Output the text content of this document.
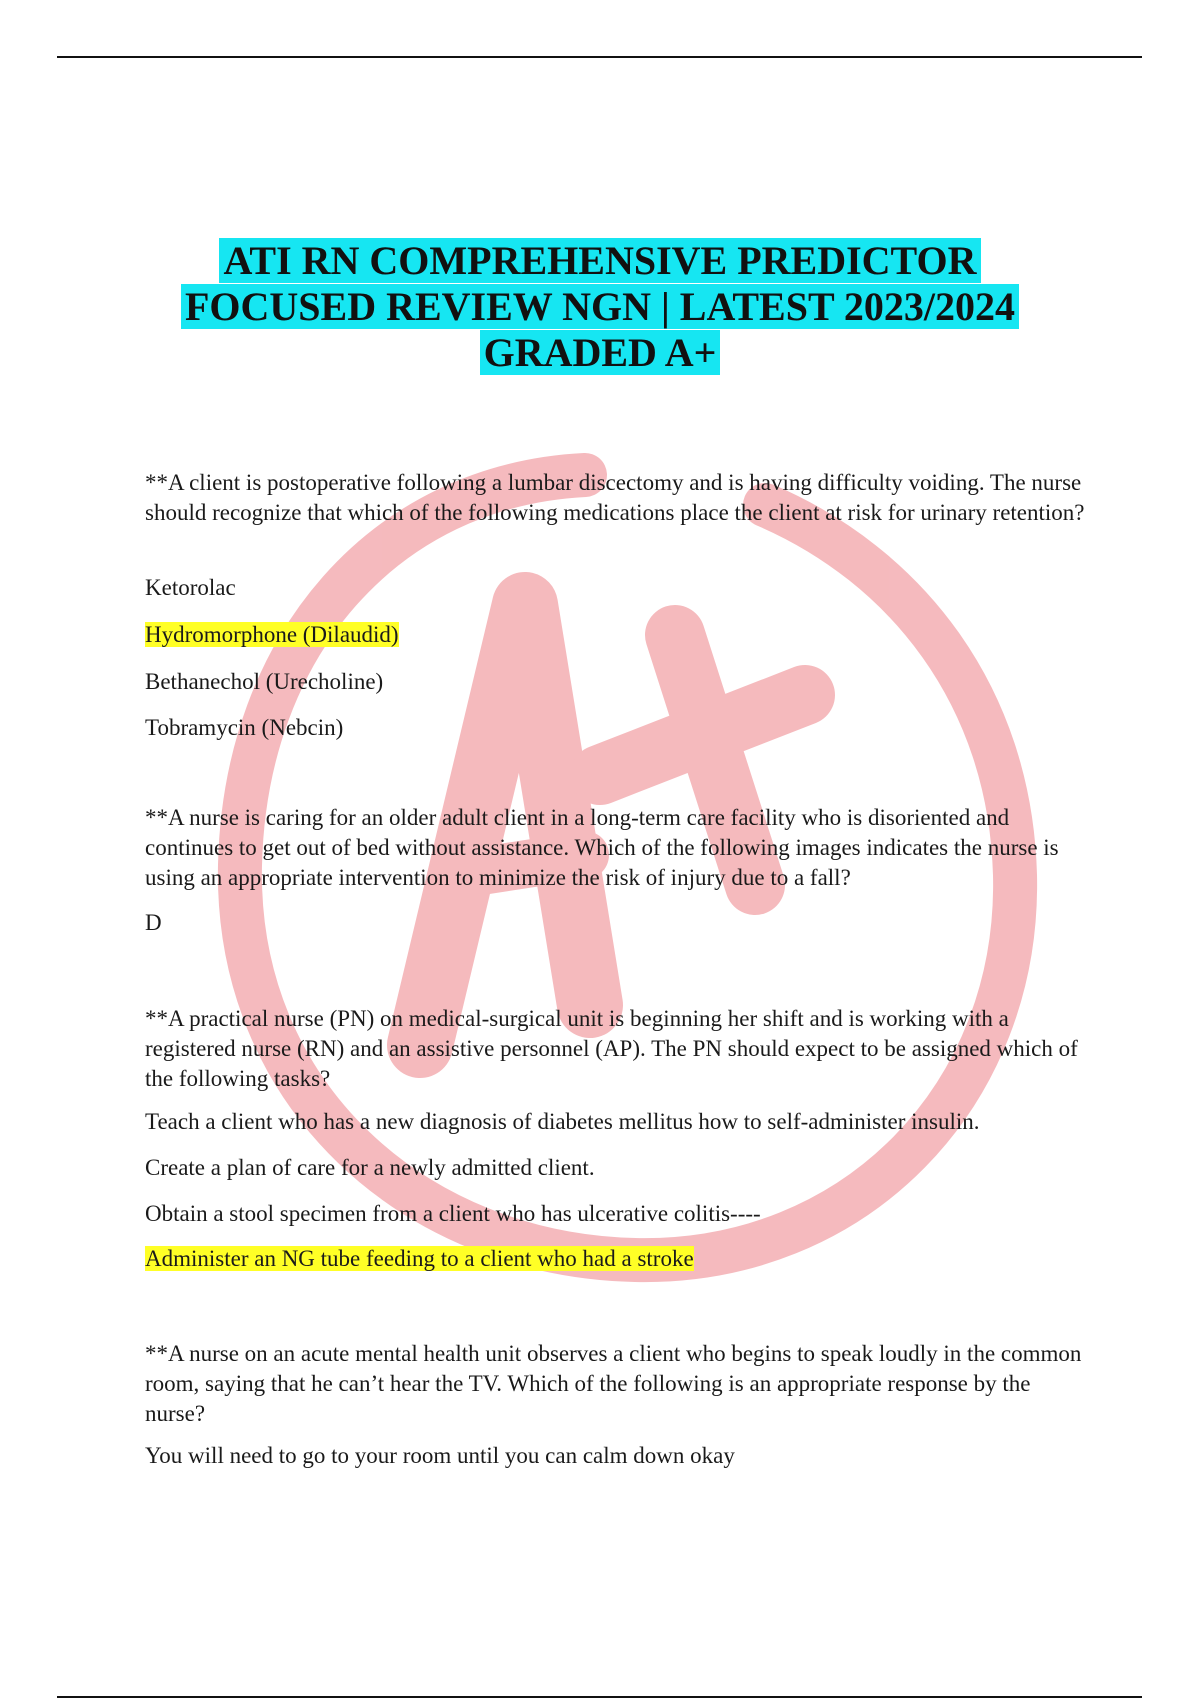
ATI RN COMPREHENSIVE PREDICTOR
FOCUSED REVIEW NGN | LATEST 2023/2024
GRADED A+

**A client is postoperative following a lumbar discectomy and is having difficulty voiding. The nurse should recognize that which of the following medications place the client at risk for urinary retention?

Ketorolac

Hydromorphone (Dilaudid)

Bethanechol (Urecholine)

Tobramycin (Nebcin)

**A nurse is caring for an older adult client in a long-term care facility who is disoriented and continues to get out of bed without assistance. Which of the following images indicates the nurse is using an appropriate intervention to minimize the risk of injury due to a fall?

D

**A practical nurse (PN) on medical-surgical unit is beginning her shift and is working with a registered nurse (RN) and an assistive personnel (AP). The PN should expect to be assigned which of the following tasks?

Teach a client who has a new diagnosis of diabetes mellitus how to self-administer insulin.

Create a plan of care for a newly admitted client.

Obtain a stool specimen from a client who has ulcerative colitis----

Administer an NG tube feeding to a client who had a stroke

**A nurse on an acute mental health unit observes a client who begins to speak loudly in the common room, saying that he can’t hear the TV. Which of the following is an appropriate response by the nurse?

You will need to go to your room until you can calm down okay
